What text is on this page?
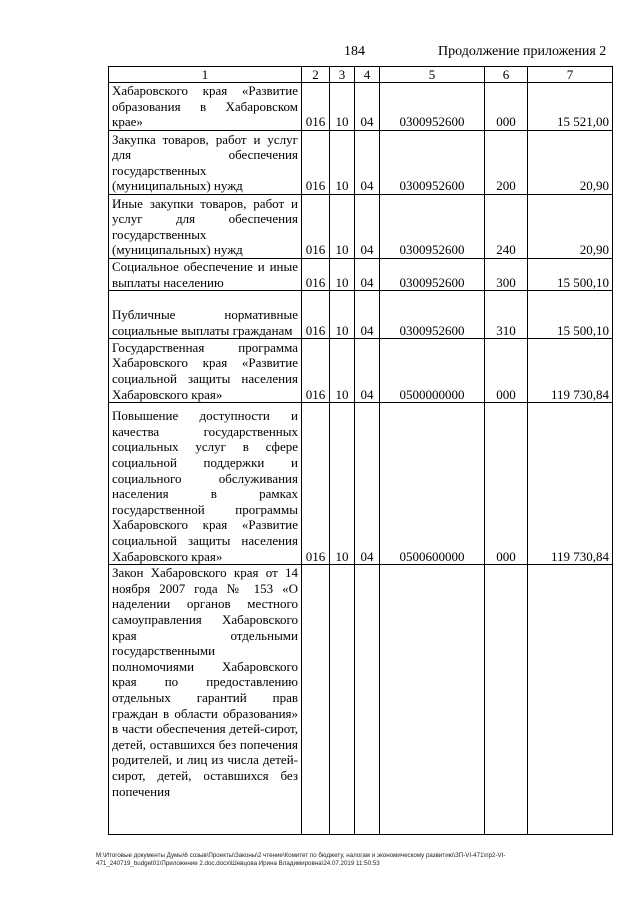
184	Продолжение приложения 2
1	2	3	4	5	6	7

Хабаровского края «Развитие образования в Хабаровском крае»	016	10	04	0300952600	000	15 521,00

Закупка товаров, работ и услуг для обеспечения государственных (муниципальных) нужд	016	10	04	0300952600	200	20,90

Иные закупки товаров, работ и услуг для обеспечения государственных (муниципальных) нужд	016	10	04	0300952600	240	20,90

Социальное обеспечение и иные выплаты населению	016	10	04	0300952600	300	15 500,10

Публичные нормативные социальные выплаты гражданам	016	10	04	0300952600	310	15 500,10

Государственная программа Хабаровского края «Развитие социальной защиты населения Хабаровского края»	016	10	04	0500000000	000	119 730,84

Повышение доступности и качества государственных социальных услуг в сфере социальной поддержки и социального обслуживания населения в рамках государственной программы Хабаровского края «Развитие социальной защиты населения Хабаровского края»	016	10	04	0500600000	000	119 730,84

Закон Хабаровского края от 14 ноября 2007 года № 153 «О наделении органов местного самоуправления Хабаровского края отдельными государственными полномочиями Хабаровского края по предоставлению отдельных гарантий прав граждан в области образования» в части обеспечения детей-сирот, детей, оставшихся без попечения родителей, и лиц из числа детей-сирот, детей, оставшихся без попечения						

M:\Итоговые документы Думы\6 созыв\Проекты\Законы\2 чтение\Комитет по бюджету, налогам и экономическому развитию\ЗП-VI-471\пр2-VI-
471_240719_budget01\Приложение 2.doc.docx\Шевцова Ирина Владимировна\24.07.2019 11:50:53
